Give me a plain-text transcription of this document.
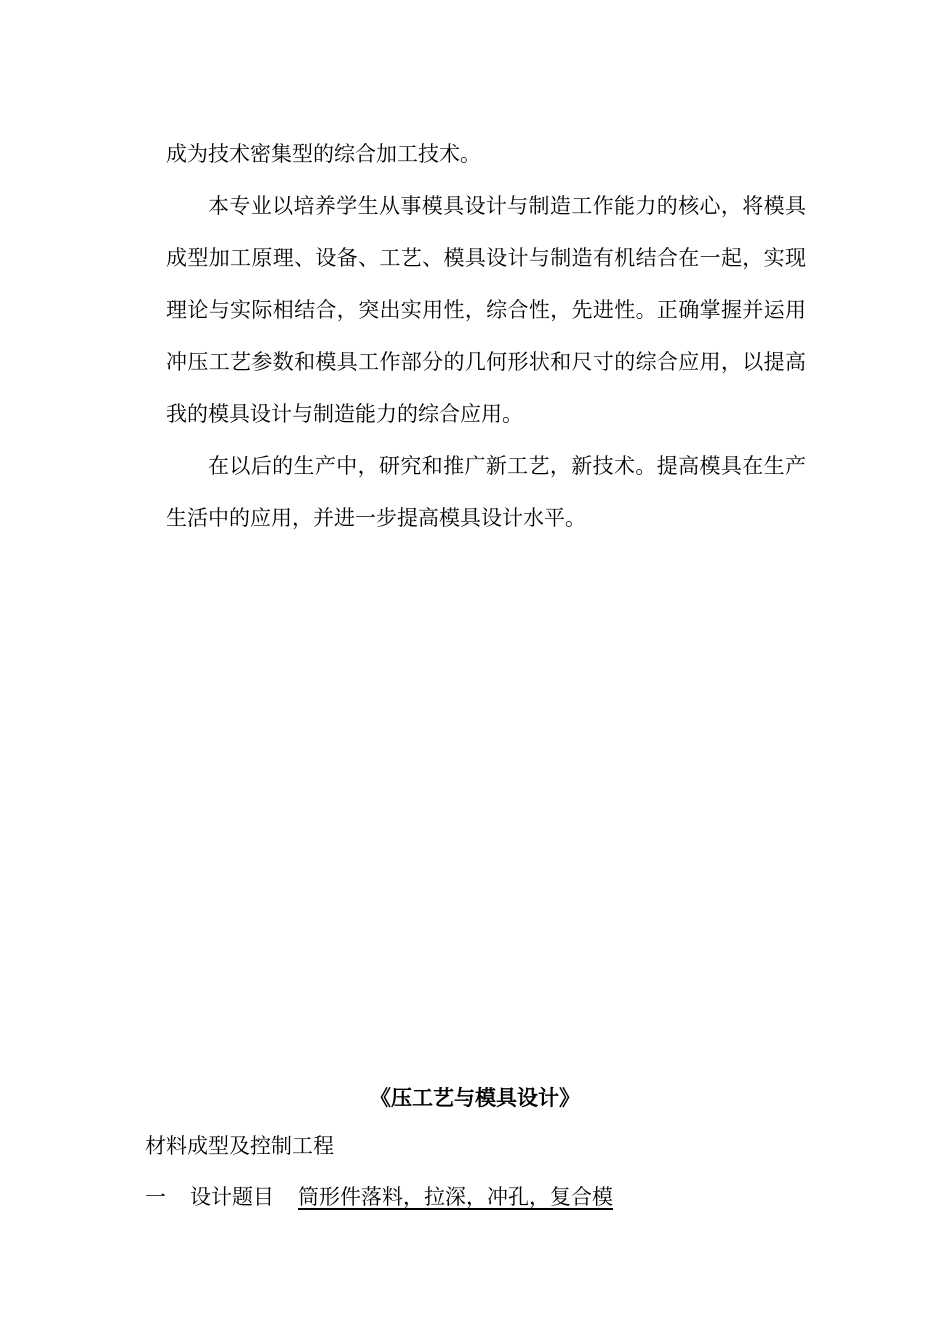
成为技术密集型的综合加工技术。

本专业以培养学生从事模具设计与制造工作能力的核心，将模具成型加工原理、设备、工艺、模具设计与制造有机结合在一起，实现理论与实际相结合，突出实用性，综合性，先进性。正确掌握并运用冲压工艺参数和模具工作部分的几何形状和尺寸的综合应用，以提高我的模具设计与制造能力的综合应用。

在以后的生产中，研究和推广新工艺，新技术。提高模具在生产生活中的应用，并进一步提高模具设计水平。

《压工艺与模具设计》
材料成型及控制工程
一 设计题目 筒形件落料，拉深，冲孔，复合模
